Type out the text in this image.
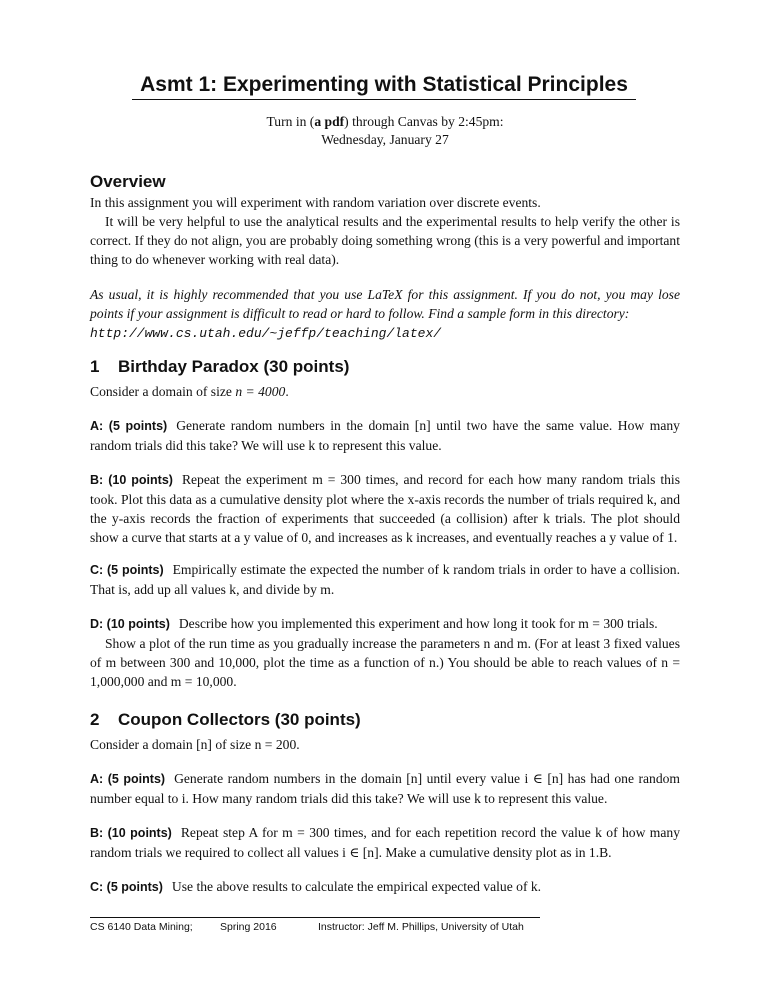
Asmt 1: Experimenting with Statistical Principles
Turn in (a pdf) through Canvas by 2:45pm:
Wednesday, January 27
Overview

In this assignment you will experiment with random variation over discrete events.

It will be very helpful to use the analytical results and the experimental results to help verify the other is correct. If they do not align, you are probably doing something wrong (this is a very powerful and important thing to do whenever working with real data).

As usual, it is highly recommended that you use LaTeX for this assignment. If you do not, you may lose points if your assignment is difficult to read or hard to follow. Find a sample form in this directory:
http://www.cs.utah.edu/~jeffp/teaching/latex/

1 Birthday Paradox (30 points)
Consider a domain of size n = 4000.
A: (5 points) Generate random numbers in the domain [n] until two have the same value. How many random trials did this take? We will use k to represent this value.
B: (10 points) Repeat the experiment m = 300 times, and record for each how many random trials this took. Plot this data as a cumulative density plot where the x-axis records the number of trials required k, and the y-axis records the fraction of experiments that succeeded (a collision) after k trials. The plot should show a curve that starts at a y value of 0, and increases as k increases, and eventually reaches a y value of 1.
C: (5 points) Empirically estimate the expected the number of k random trials in order to have a collision. That is, add up all values k, and divide by m.

D: (10 points) Describe how you implemented this experiment and how long it took for m = 300 trials.

Show a plot of the run time as you gradually increase the parameters n and m. (For at least 3 fixed values of m between 300 and 10,000, plot the time as a function of n.) You should be able to reach values of n = 1,000,000 and m = 10,000.

2 Coupon Collectors (30 points)
Consider a domain [n] of size n = 200.
A: (5 points) Generate random numbers in the domain [n] until every value i ∈ [n] has had one random number equal to i. How many random trials did this take? We will use k to represent this value.
B: (10 points) Repeat step A for m = 300 times, and for each repetition record the value k of how many random trials we required to collect all values i ∈ [n]. Make a cumulative density plot as in 1.B.
C: (5 points) Use the above results to calculate the empirical expected value of k.
CS 6140 Data Mining;	Spring 2016	Instructor: Jeff M. Phillips, University of Utah
